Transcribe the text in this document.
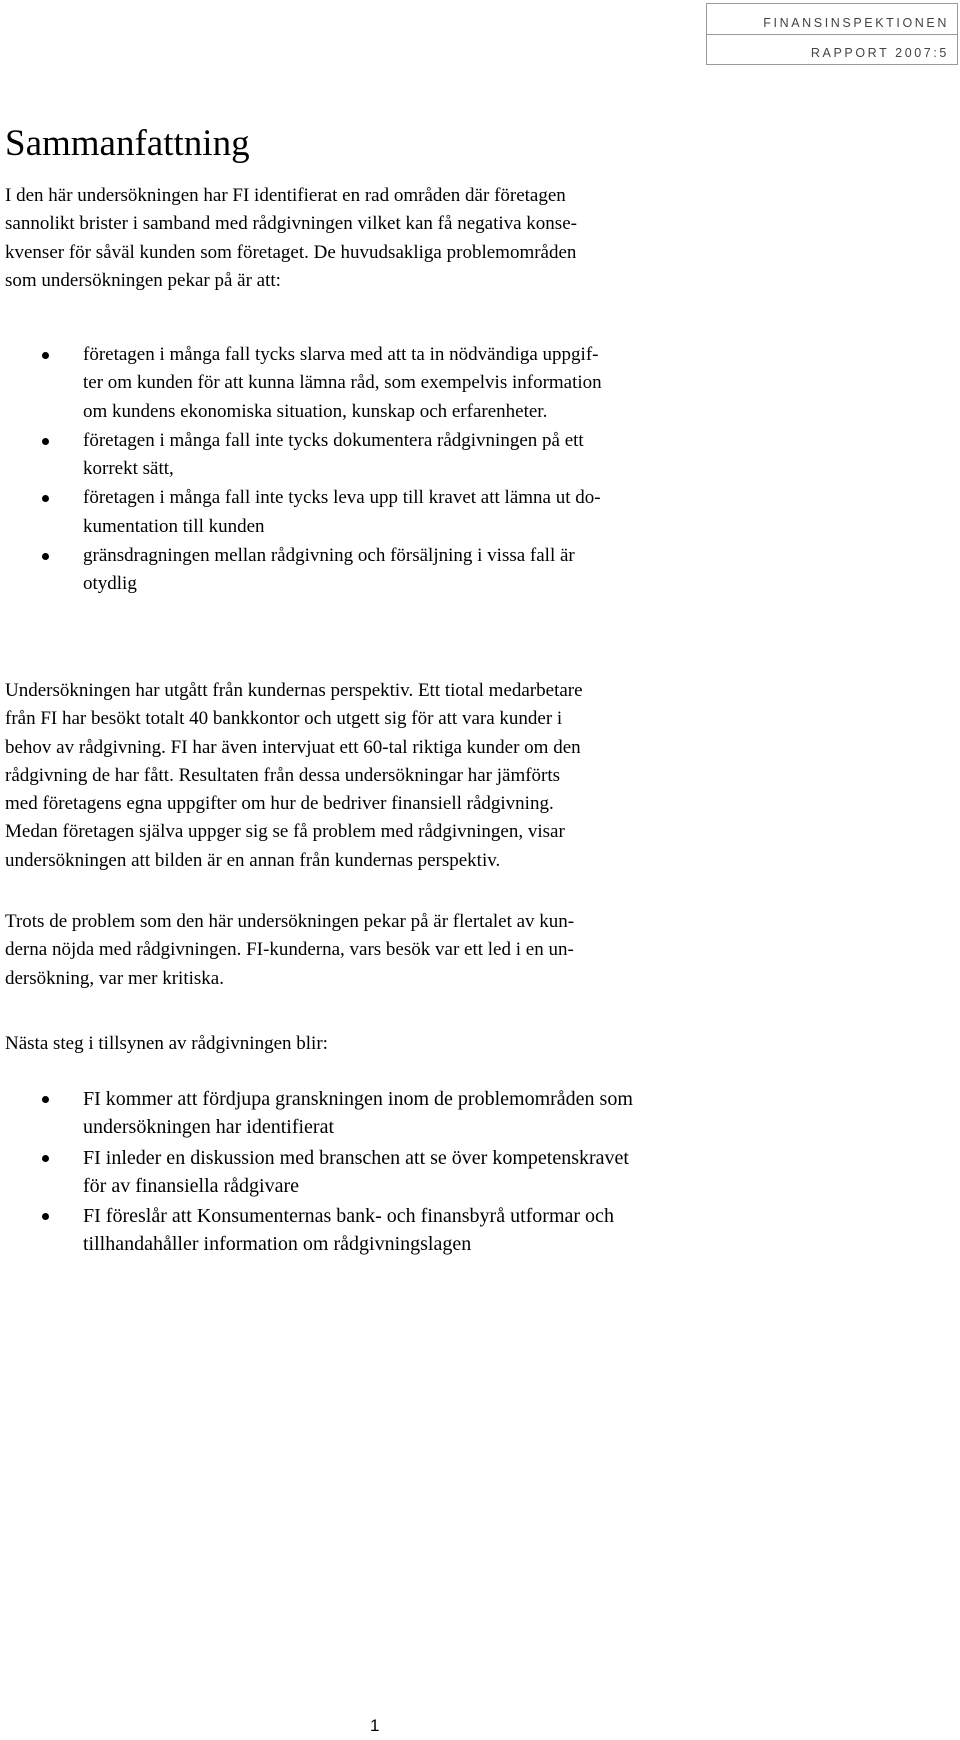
FINANSINSPEKTIONEN
RAPPORT 2007:5
Sammanfattning
I den här undersökningen har FI identifierat en rad områden där företagen
sannolikt brister i samband med rådgivningen vilket kan få negativa konse-
kvenser för såväl kunden som företaget. De huvudsakliga problemområden
som undersökningen pekar på är att:
företagen i många fall tycks slarva med att ta in nödvändiga uppgif-
ter om kunden för att kunna lämna råd, som exempelvis information
om kundens ekonomiska situation, kunskap och erfarenheter.
företagen i många fall inte tycks dokumentera rådgivningen på ett
korrekt sätt,
företagen i många fall inte tycks leva upp till kravet att lämna ut do-
kumentation till kunden
gränsdragningen mellan rådgivning och försäljning i vissa fall är
otydlig
Undersökningen har utgått från kundernas perspektiv. Ett tiotal medarbetare
från FI har besökt totalt 40 bankkontor och utgett sig för att vara kunder i
behov av rådgivning. FI har även intervjuat ett 60-tal riktiga kunder om den
rådgivning de har fått. Resultaten från dessa undersökningar har jämförts
med företagens egna uppgifter om hur de bedriver finansiell rådgivning.
Medan företagen själva uppger sig se få problem med rådgivningen, visar
undersökningen att bilden är en annan från kundernas perspektiv.
Trots de problem som den här undersökningen pekar på är flertalet av kun-
derna nöjda med rådgivningen. FI-kunderna, vars besök var ett led i en un-
dersökning, var mer kritiska.
Nästa steg i tillsynen av rådgivningen blir:
FI kommer att fördjupa granskningen inom de problemområden som
undersökningen har identifierat
FI inleder en diskussion med branschen att se över kompetenskravet
för av finansiella rådgivare
FI föreslår att Konsumenternas bank- och finansbyrå utformar och
tillhandahåller information om rådgivningslagen
1
